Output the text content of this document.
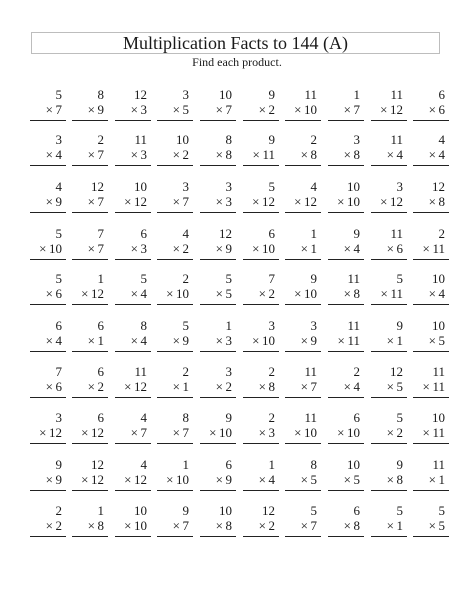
Multiplication Facts to 144 (A)
Find each product.
5
× 7
8
× 9
12
× 3
3
× 5
10
× 7
9
× 2
11
× 10
1
× 7
11
× 12
6
× 6
3
× 4
2
× 7
11
× 3
10
× 2
8
× 8
9
× 11
2
× 8
3
× 8
11
× 4
4
× 4
4
× 9
12
× 7
10
× 12
3
× 7
3
× 3
5
× 12
4
× 12
10
× 10
3
× 12
12
× 8
5
× 10
7
× 7
6
× 3
4
× 2
12
× 9
6
× 10
1
× 1
9
× 4
11
× 6
2
× 11
5
× 6
1
× 12
5
× 4
2
× 10
5
× 5
7
× 2
9
× 10
11
× 8
5
× 11
10
× 4
6
× 4
6
× 1
8
× 4
5
× 9
1
× 3
3
× 10
3
× 9
11
× 11
9
× 1
10
× 5
7
× 6
6
× 2
11
× 12
2
× 1
3
× 2
2
× 8
11
× 7
2
× 4
12
× 5
11
× 11
3
× 12
6
× 12
4
× 7
8
× 7
9
× 10
2
× 3
11
× 10
6
× 10
5
× 2
10
× 11
9
× 9
12
× 12
4
× 12
1
× 10
6
× 9
1
× 4
8
× 5
10
× 5
9
× 8
11
× 1
2
× 2
1
× 8
10
× 10
9
× 7
10
× 8
12
× 2
5
× 7
6
× 8
5
× 1
5
× 5
